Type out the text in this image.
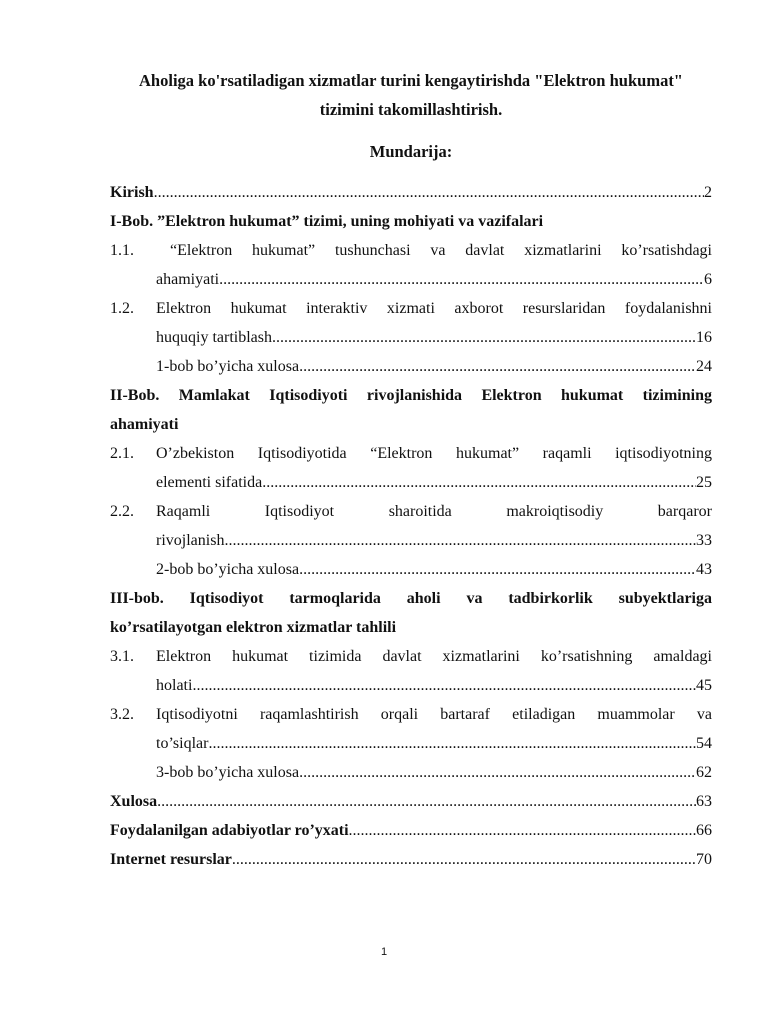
Aholiga ko'rsatiladigan xizmatlar turini kengaytirishda "Elektron hukumat"
tizimini takomillashtirish.
Mundarija:
Kirish .....	2
I-Bob. ”Elektron hukumat” tizimi, uning mohiyati va vazifalari
1.1.	“Elektron hukumat” tushunchasi va davlat xizmatlarini ko’rsatishdagi
ahamiyati .....	6
1.2.	Elektron hukumat interaktiv xizmati axborot resurslaridan foydalanishni
huquqiy tartiblash .....	16
1-bob bo’yicha xulosa .....	24
II-Bob. Mamlakat Iqtisodiyoti rivojlanishida Elektron hukumat tizimining
ahamiyati
2.1.	O’zbekiston Iqtisodiyotida “Elektron hukumat” raqamli iqtisodiyotning
elementi sifatida .....	25
2.2.	Raqamli Iqtisodiyot sharoitida makroiqtisodiy barqaror
rivojlanish .....	33
2-bob bo’yicha xulosa .....	43
III-bob. Iqtisodiyot tarmoqlarida aholi va tadbirkorlik subyektlariga
ko’rsatilayotgan elektron xizmatlar tahlili
3.1.	Elektron hukumat tizimida davlat xizmatlarini ko’rsatishning amaldagi
holati .....	45
3.2.	Iqtisodiyotni raqamlashtirish orqali bartaraf etiladigan muammolar va
to’siqlar .....	54
3-bob bo’yicha xulosa .....	62
Xulosa .....	63
Foydalanilgan adabiyotlar ro’yxati .....	66
Internet resurslar .....	70
1
